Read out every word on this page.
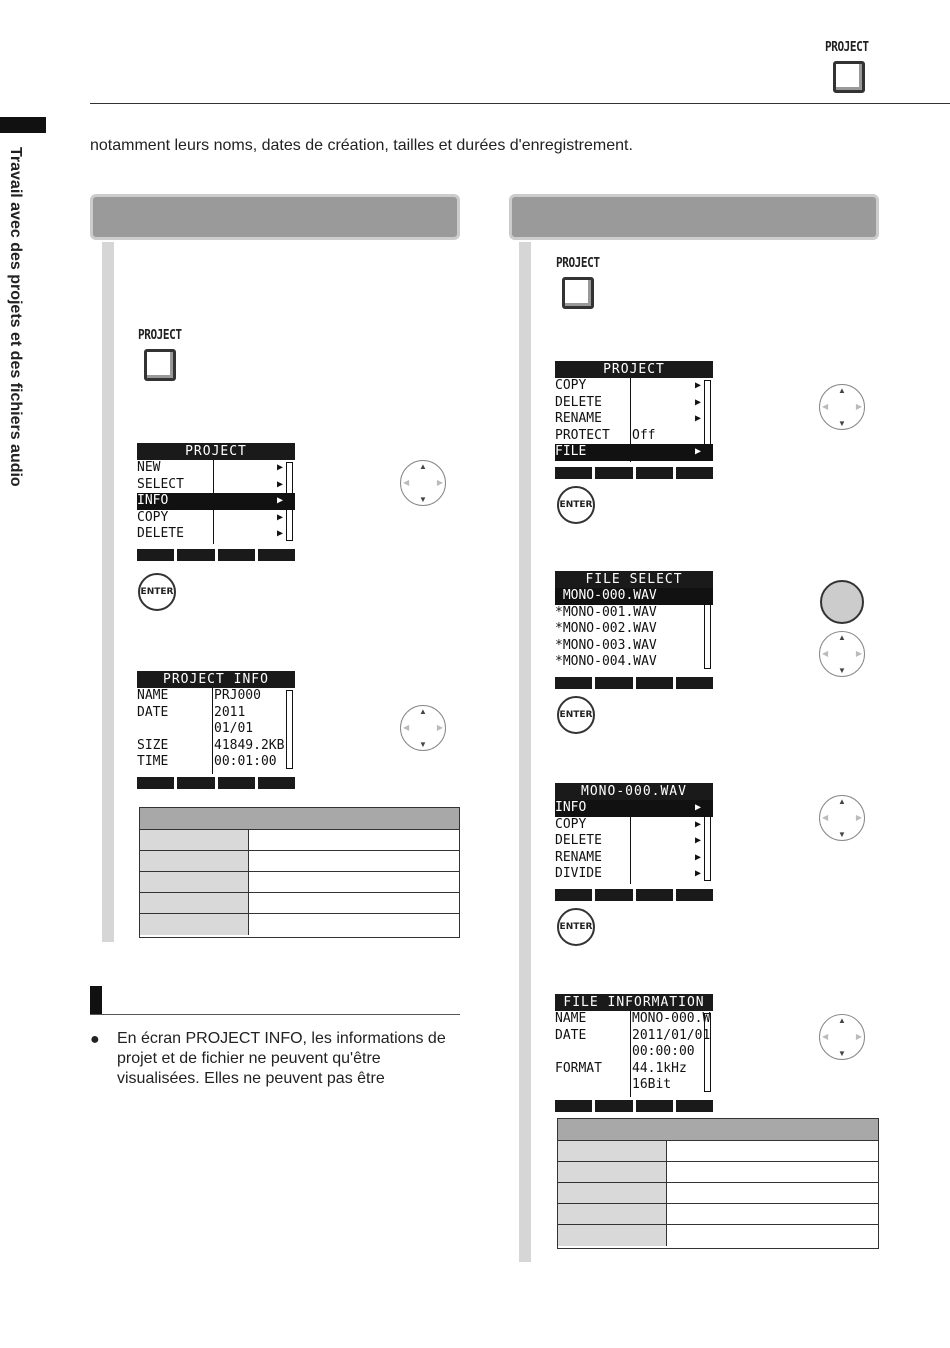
PROJECT
Travail avec des projets et des fichiers audio
notamment leurs noms, dates de création, tailles et durées d'enregistrement.
PROJECT
PROJECT
NEW	▶
SELECT	▶
INFO	▶
COPY	▶
DELETE	▶
▲
▼
◀	▶
ENTER
PROJECT INFO
NAME	PRJ000
DATE	2011
01/01
SIZE	41849.2KB
TIME	00:01:00
▲
▼
◀	▶
● En écran PROJECT INFO, les informations de projet et de fichier ne peuvent qu'être visualisées. Elles ne peuvent pas être
PROJECT
PROJECT
COPY	▶
DELETE	▶
RENAME	▶
PROTECT Off
FILE	▶
▲
▼
◀	▶
ENTER
FILE SELECT
MONO-000.WAV
*MONO-001.WAV
*MONO-002.WAV
*MONO-003.WAV
*MONO-004.WAV
▲
▼
◀	▶
ENTER
MONO-000.WAV
INFO	▶
COPY	▶
DELETE	▶
RENAME	▶
DIVIDE	▶
▲
▼
◀	▶
ENTER
FILE INFORMATION
NAME	MONO-000.W
DATE	2011/01/01
00:00:00
FORMAT 44.1kHz
16Bit
▲
▼
◀	▶
